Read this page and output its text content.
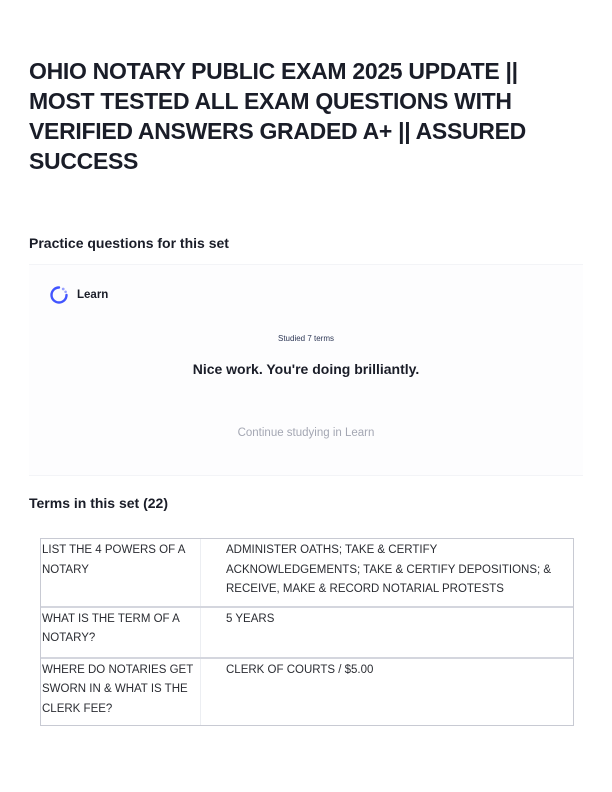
OHIO NOTARY PUBLIC EXAM 2025 UPDATE || MOST TESTED ALL EXAM QUESTIONS WITH VERIFIED ANSWERS GRADED A+ || ASSURED SUCCESS
Practice questions for this set
Learn
Studied 7 terms
Nice work. You're doing brilliantly.
Continue studying in Learn
Terms in this set (22)
LIST THE 4 POWERS OF A NOTARY
ADMINISTER OATHS; TAKE & CERTIFY ACKNOWLEDGEMENTS; TAKE & CERTIFY DEPOSITIONS; & RECEIVE, MAKE & RECORD NOTARIAL PROTESTS
WHAT IS THE TERM OF A NOTARY?
5 YEARS
WHERE DO NOTARIES GET SWORN IN & WHAT IS THE CLERK FEE?
CLERK OF COURTS / $5.00
